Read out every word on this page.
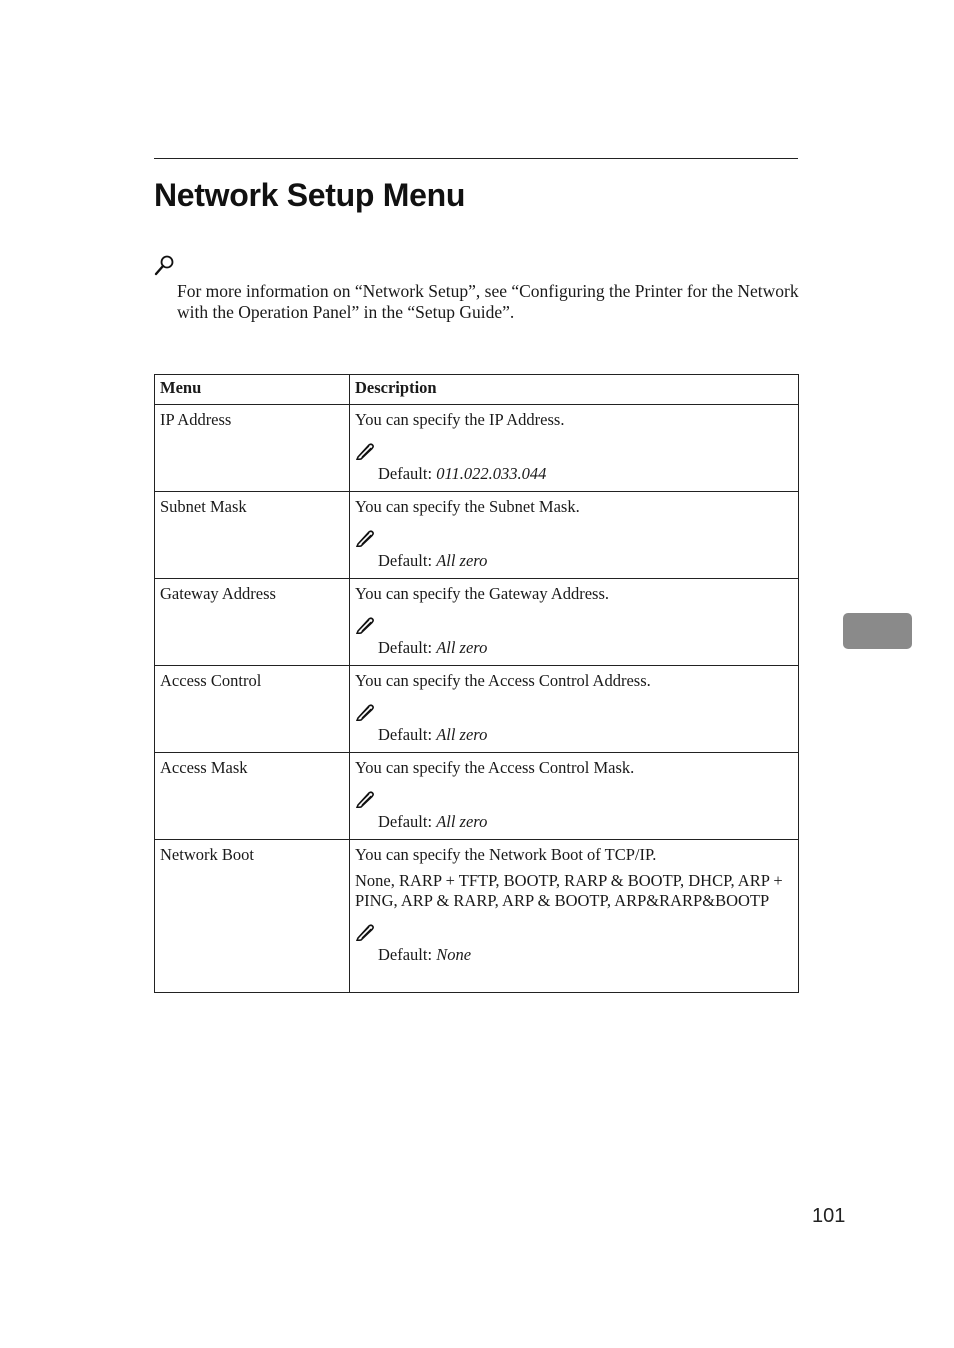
Network Setup Menu

For more information on “Network Setup”, see “Configuring the Printer for the Network with the Operation Panel” in the “Setup Guide”.

Menu	Description
IP Address	You can specify the IP Address.
Default: 011.022.033.044

Subnet Mask	You can specify the Subnet Mask.
Default: All zero

Gateway Address	You can specify the Gateway Address.
Default: All zero

Access Control	You can specify the Access Control Address.
Default: All zero

Access Mask	You can specify the Access Control Mask.
Default: All zero

Network Boot	You can specify the Network Boot of TCP/IP.
None, RARP + TFTP, BOOTP, RARP & BOOTP, DHCP, ARP + PING, ARP & RARP, ARP & BOOTP, ARP&RARP&BOOTP
Default: None
101
